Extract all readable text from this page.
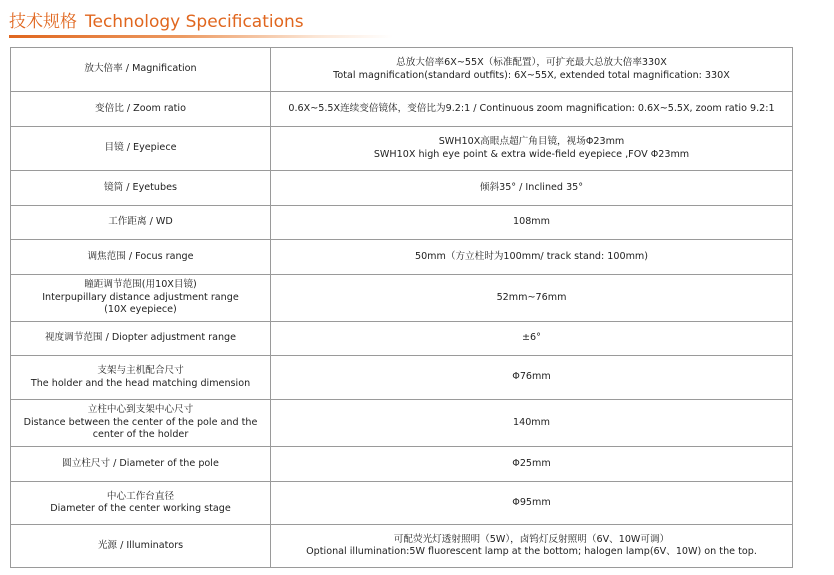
技术规格 Technology Specifications
放大倍率 / Magnification	总放大倍率6X~55X（标准配置），可扩充最大总放大倍率330X
Total magnification(standard outfits): 6X~55X, extended total magnification: 330X

变倍比 / Zoom ratio	0.6X~5.5X连续变倍镜体，变倍比为9.2:1 / Continuous zoom magnification: 0.6X~5.5X, zoom ratio 9.2:1

目镜 / Eyepiece	SWH10X高眼点超广角目镜，视场Φ23mm
SWH10X high eye point & extra wide-field eyepiece ,FOV Φ23mm

镜筒 / Eyetubes	倾斜35° / Inclined 35°

工作距离 / WD	108mm

调焦范围 / Focus range	50mm（方立柱时为100mm/ track stand: 100mm)

瞳距调节范围(用10X目镜)
Interpupillary distance adjustment range
(10X eyepiece)	52mm~76mm

视度调节范围 / Diopter adjustment range	±6°

支架与主机配合尺寸
The holder and the head matching dimension	Φ76mm

立柱中心到支架中心尺寸
Distance between the center of the pole and the
center of the holder	140mm

圆立柱尺寸 / Diameter of the pole	Φ25mm

中心工作台直径
Diameter of the center working stage	Φ95mm

光源 / Illuminators	可配荧光灯透射照明（5W），卤钨灯反射照明（6V、10W可调）
Optional illumination:5W fluorescent lamp at the bottom; halogen lamp(6V、10W) on the top.
